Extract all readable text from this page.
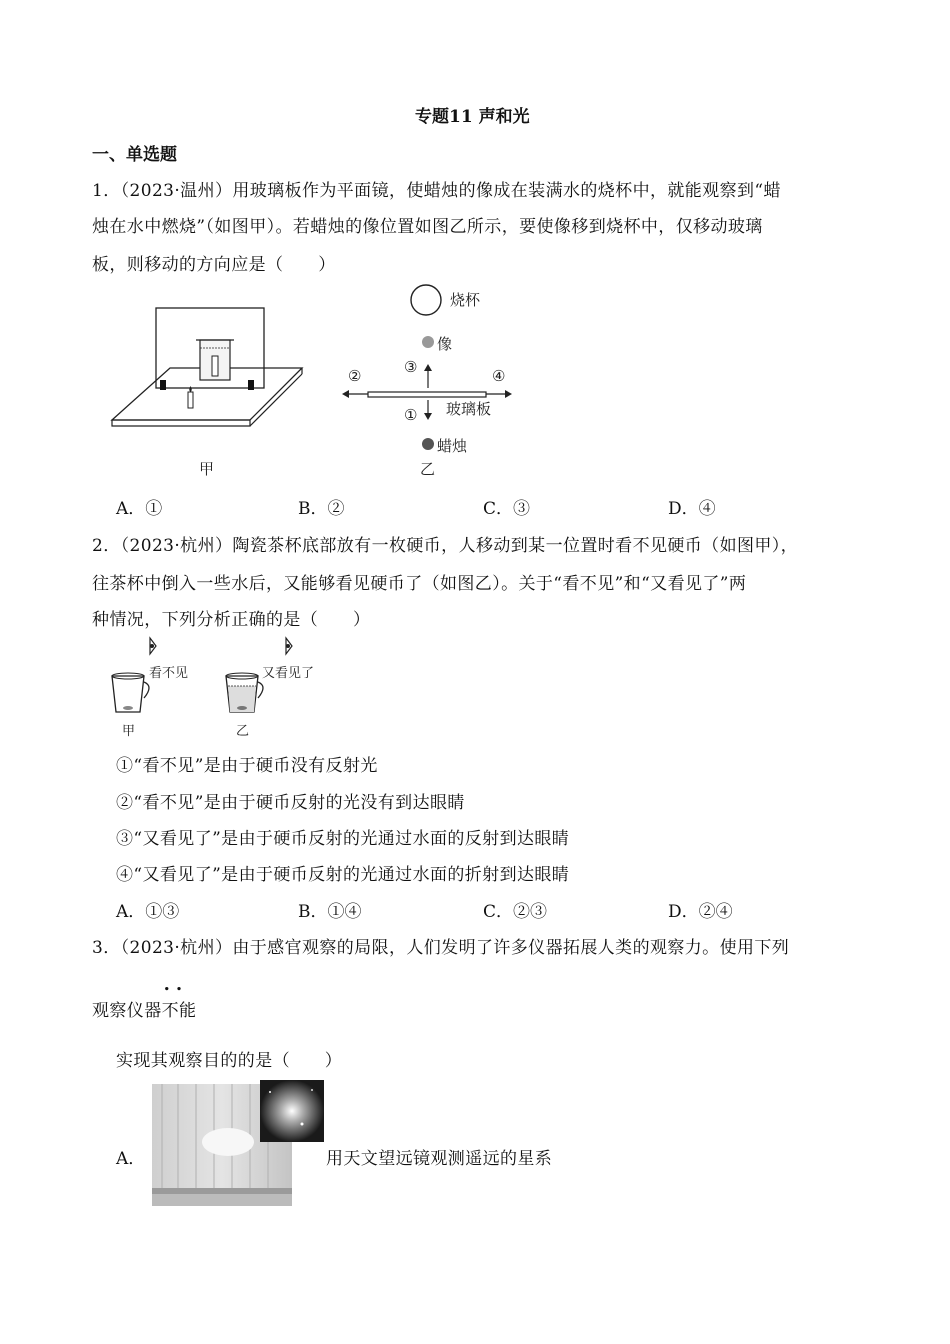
专题11 声和光
一、单选题
1．（2023·温州）用玻璃板作为平面镜，使蜡烛的像成在装满水的烧杯中，就能观察到“蜡
烛在水中燃烧”（如图甲）。若蜡烛的像位置如图乙所示，要使像移到烧杯中，仅移动玻璃
板，则移动的方向应是（　　）
甲
烧杯
像
③
②	④
玻璃板
①
蜡烛
乙
A．①	B．②	C．③	D．④
2．（2023·杭州）陶瓷茶杯底部放有一枚硬币，人移动到某一位置时看不见硬币（如图甲），
往茶杯中倒入一些水后，又能够看见硬币了（如图乙）。关于“看不见”和“又看见了”两
种情况，下列分析正确的是（　　）
看不见	又看见了
甲	乙
①“看不见”是由于硬币没有反射光
②“看不见”是由于硬币反射的光没有到达眼睛
③“又看见了”是由于硬币反射的光通过水面的反射到达眼睛
④“又看见了”是由于硬币反射的光通过水面的折射到达眼睛
A．①③	B．①④	C．②③	D．②④
3．（2023·杭州）由于感官观察的局限，人们发明了许多仪器拓展人类的观察力。使用下列
观察仪器
..
不能
实现其观察目的的是（　　）
A．	用天文望远镜观测遥远的星系
